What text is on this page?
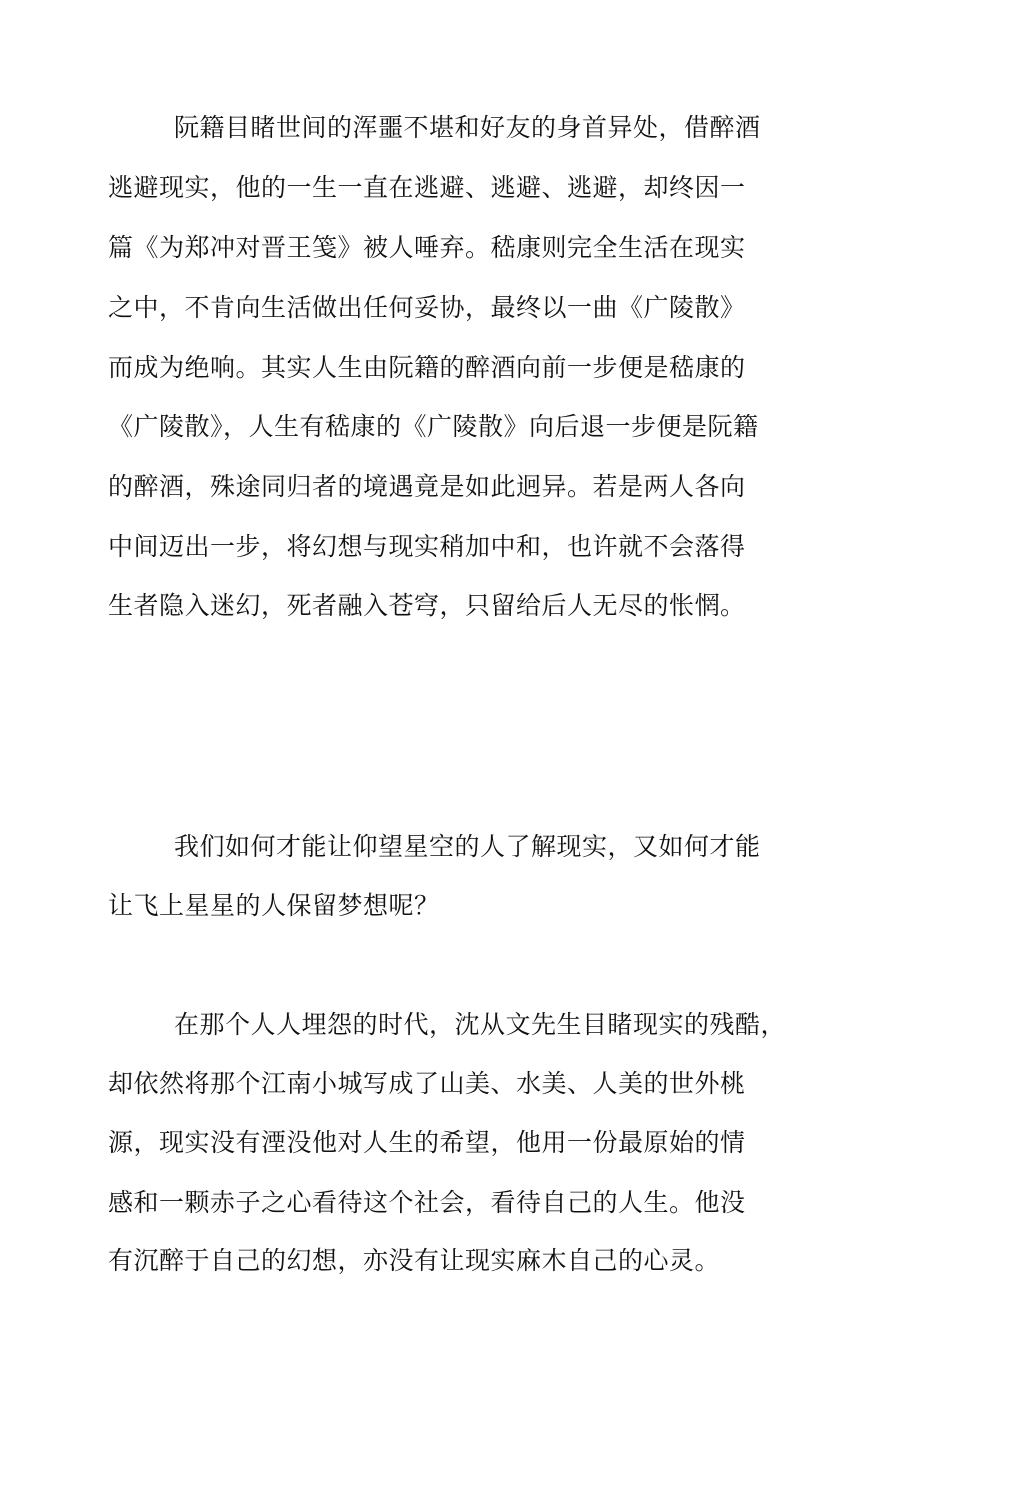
阮籍目睹世间的浑噩不堪和好友的身首异处，借醉酒
逃避现实，他的一生一直在逃避、逃避、逃避，却终因一
篇《为郑冲对晋王笺》被人唾弃。嵇康则完全生活在现实
之中，不肯向生活做出任何妥协，最终以一曲《广陵散》
而成为绝响。其实人生由阮籍的醉酒向前一步便是嵇康的
《广陵散》，人生有嵇康的《广陵散》向后退一步便是阮籍
的醉酒，殊途同归者的境遇竟是如此迥异。若是两人各向
中间迈出一步，将幻想与现实稍加中和，也许就不会落得
生者隐入迷幻，死者融入苍穹，只留给后人无尽的怅惘。
我们如何才能让仰望星空的人了解现实，又如何才能
让飞上星星的人保留梦想呢？
在那个人人埋怨的时代，沈从文先生目睹现实的残酷，
却依然将那个江南小城写成了山美、水美、人美的世外桃
源，现实没有湮没他对人生的希望，他用一份最原始的情
感和一颗赤子之心看待这个社会，看待自己的人生。他没
有沉醉于自己的幻想，亦没有让现实麻木自己的心灵。
